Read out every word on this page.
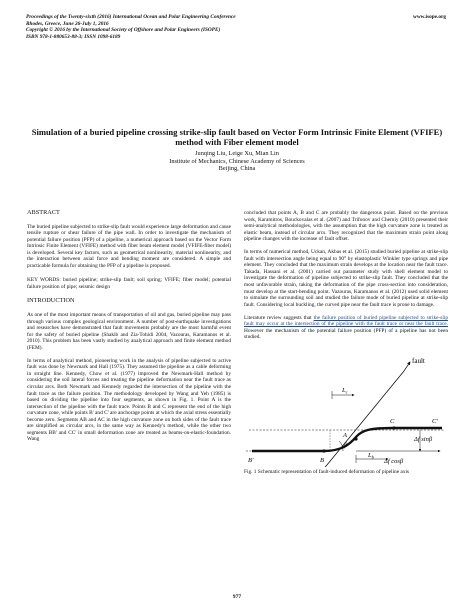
Proceedings of the Twenty-sixth (2016) International Ocean and Polar Engineering Conference
Rhodes, Greece, June 26-July 1, 2016
Copyright © 2016 by the International Society of Offshore and Polar Engineers (ISOPE)
ISBN 978-1-880653-88-3; ISSN 1098-6189
www.isope.org
Simulation of a buried pipeline crossing strike-slip fault based on Vector Form Intrinsic Finite Element (VFIFE) method with Fiber element model
Junqing Liu, Leige Xu, Mian Lin
Institute of Mechanics, Chinese Academy of Sciences
Beijing, China
ABSTRACT

The buried pipeline subjected to strike-slip fault would experience large deformation and cause tensile rupture or shear failure of the pipe wall. In order to investigate the mechanism of potential failure position (PFP) of a pipeline, a numerical approach based on the Vector Form Intrinsic Finite Element (VFIFE) method with fiber beam element model (VFIFE-fiber model) is developed. Several key factors, such as geometrical nonlinearity, material nonlinearity, and the interaction between axial force and bending moment are considered. A simple and practicable formula for obtaining the PFP of a pipeline is proposed.

KEY WORDS: buried pipeline; strike-slip fault; soil spring; VFIFE; fiber model; potential failure position of pipe; seismic design

INTRODUCTION

As one of the most important means of transportation of oil and gas, buried pipeline may pass through various complex geological environment. A number of post-earthquake investigations and researches have demonstrated that fault movements probably are the most harmful event for the safety of buried pipeline (Shakib and Zia-Tohidi 2004, Vazouras, Karamanos et al. 2010). This problem has been vastly studied by analytical approach and finite element method (FEM).

In terms of analytical method, pioneering work in the analysis of pipeline subjected to active fault was done by Newmark and Hall (1975). They assumed the pipeline as a cable deforming in straight line. Kennedy, Chow et al. (1977) improved the Newmark-Hall method by considering the soil lateral forces and treating the pipeline deformation near the fault trace as circular arcs. Both Newmark and Kennedy regarded the intersection of the pipeline with the fault trace as the failure position. The methodology developed by Wang and Yeh (1985) is based on dividing the pipeline into four segments, as shown in Fig. 1. Point A is the intersection of the pipeline with the fault trace. Points B and C represent the end of the high curvature zone, while points B' and C' are anchorage points at which the axial stress essentially become zero. Segments AB and AC in the high curvature zone on both sides of the fault trace are simplified as circular arcs, in the same way as Kennedy's method, while the other two segments BB' and CC' in small deformation zone are treated as beams-on-elastic-foundation. Wang

concluded that points A, B and C are probably the dangerous point. Based on the previous work, Karamitros, Bouckovalas et al. (2007) and Trifonov and Cherniy (2010) presented their semi-analytical methodologies, with the assumption that the high curvature zone is treated as elastic beam, instead of circular arcs. They recognized that the maximum strain point along pipeline changes with the increase of fault offset.

In terms of numerical method, Uckan, Akbas et al. (2015) studied buried pipeline at strike-slip fault with intersection angle being equal to 90° by elastoplastic Winkler type springs and pipe element. They concluded that the maximum strain develops at the location near the fault trace. Takada, Hassani et al. (2001) carried out parameter study with shell element model to investigate the deformation of pipeline subjected to strike-slip fault. They concluded that the most unfavorable strain, taking the deformation of the pipe cross-section into consideration, must develop at the start-bending point. Vazouras, Karamanos et al. (2012) used solid element to simulate the surrounding soil and studied the failure mode of buried pipeline at strike-slip fault. Considering local buckling, the curved pipe near the fault trace is prone to damage.

Literature review suggests that the failure position of buried pipeline subjected to strike-slip fault may occur at the intersection of the pipeline with the fault trace or near the fault trace. However the mechanism of the potential failure position (PFP) of a pipeline has not been studied.

fault
A
B
B'
C	C'
$L_c$
$L_b$
β
Δf sinβ
Δf cosβ
Fig. 1 Schematic representation of fault-induced deformation of pipeline axis
977
